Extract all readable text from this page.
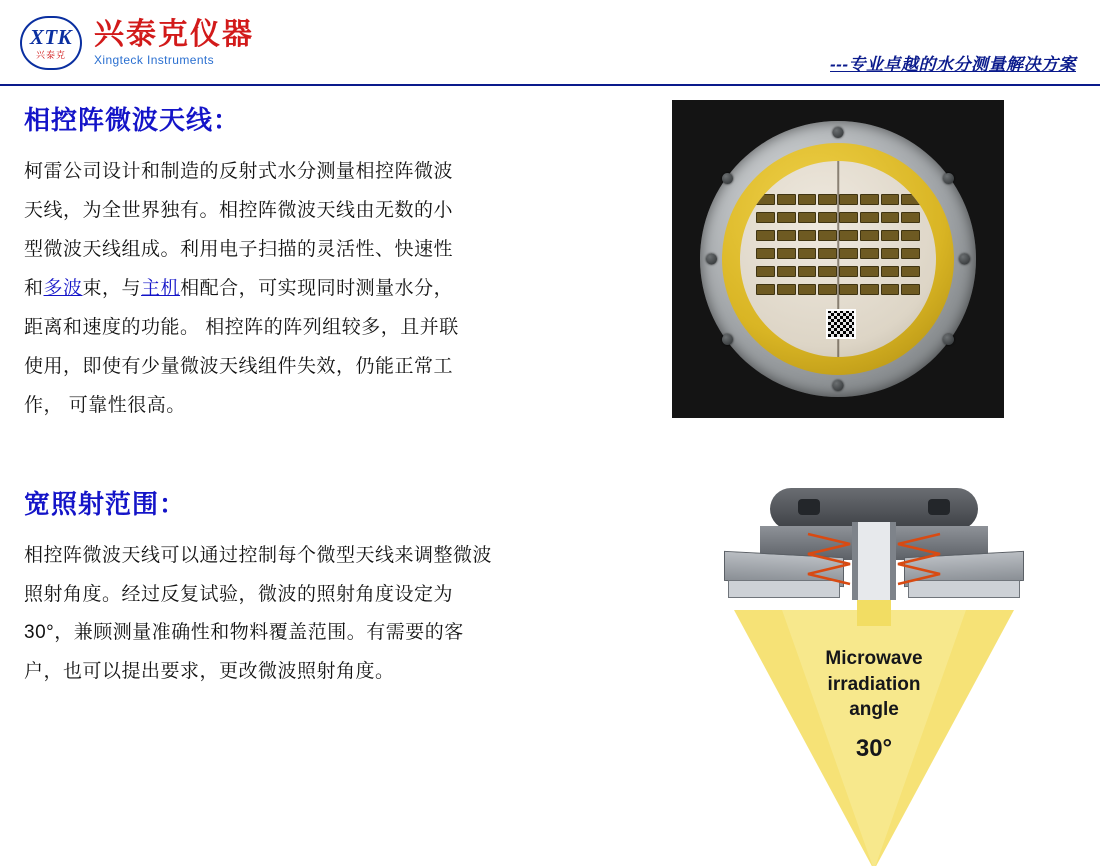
XTK
兴泰克
兴泰克仪器
Xingteck Instruments	---专业卓越的水分测量解决方案
相控阵微波天线：

柯雷公司设计和制造的反射式水分测量相控阵微波天线，为全世界独有。相控阵微波天线由无数的小型微波天线组成。利用电子扫描的灵活性、快速性和多波束，与主机相配合，可实现同时测量水分，距离和速度的功能。 相控阵的阵列组较多，且并联使用，即使有少量微波天线组件失效，仍能正常工作， 可靠性很高。

宽照射范围：

相控阵微波天线可以通过控制每个微型天线来调整微波照射角度。经过反复试验，微波的照射角度设定为30°，兼顾测量准确性和物料覆盖范围。有需要的客户，也可以提出要求，更改微波照射角度。

Microwave
irradiation
angle
30°
